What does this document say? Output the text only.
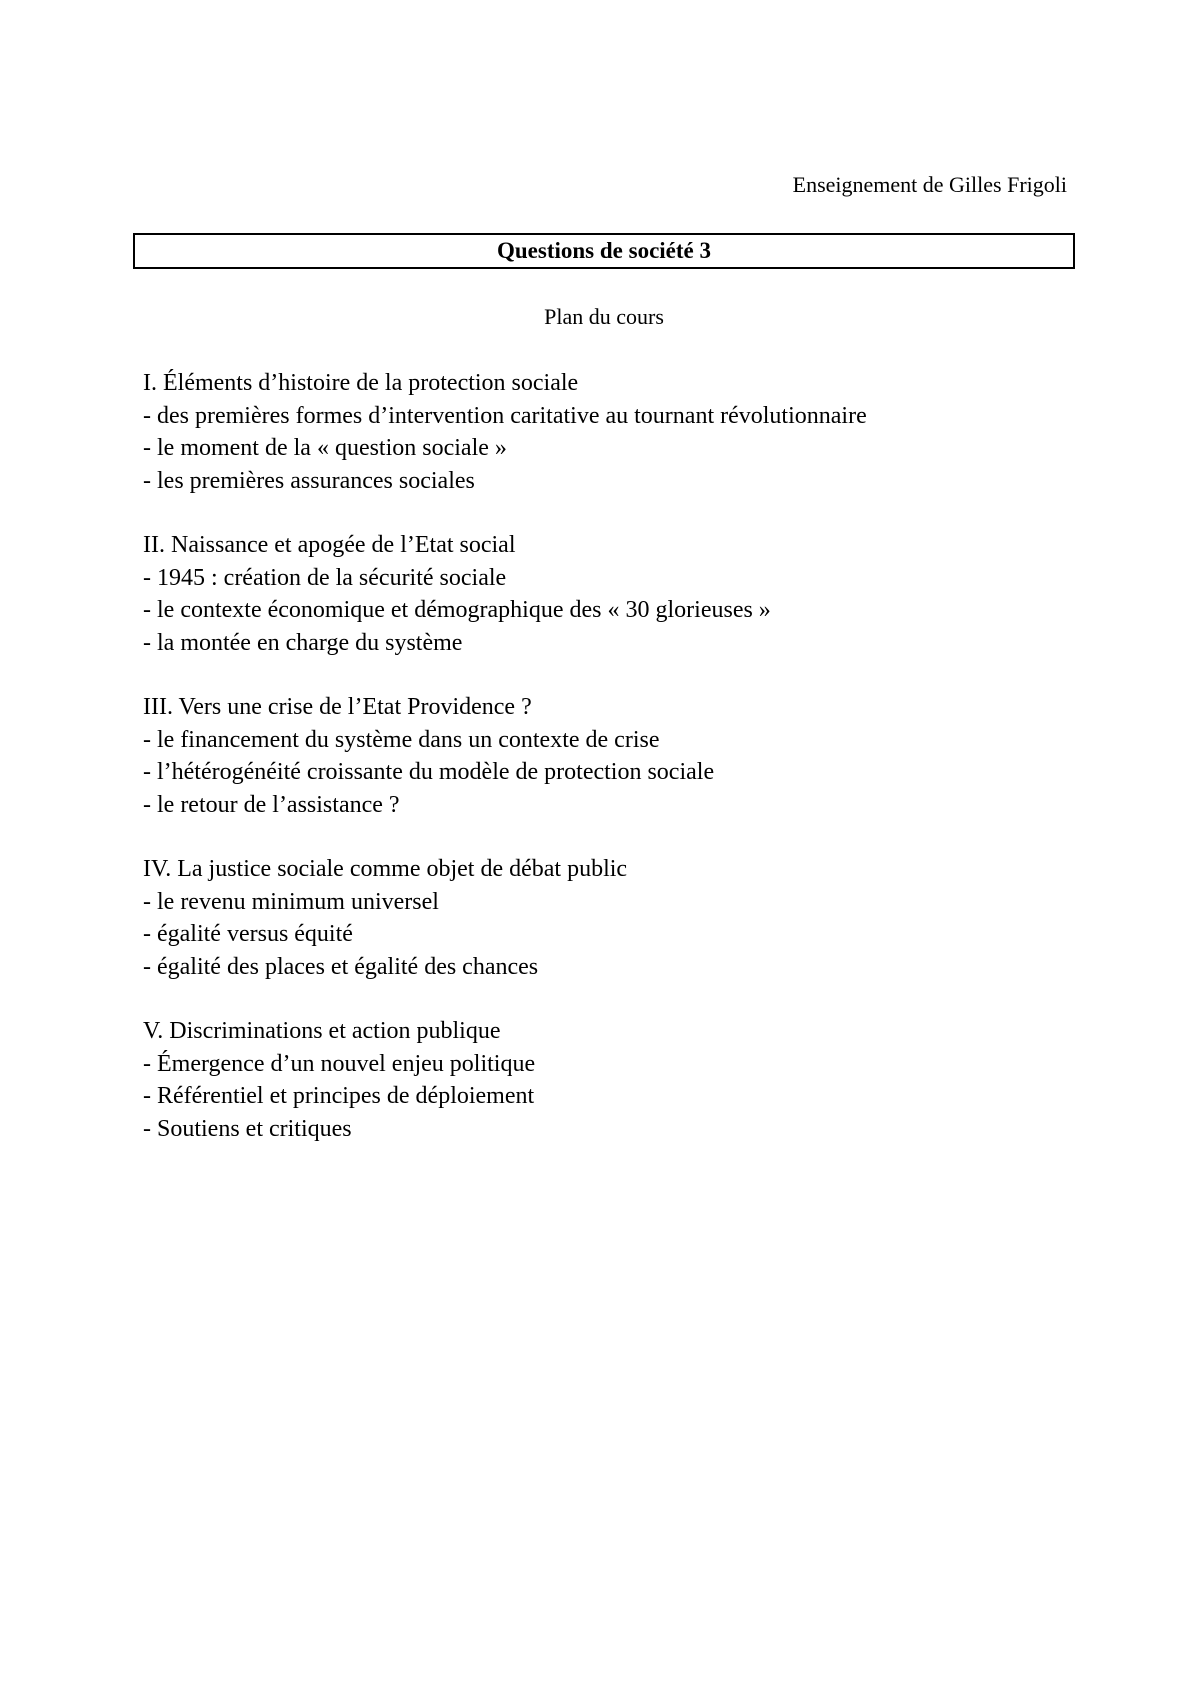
Enseignement de Gilles Frigoli

Questions de société 3

Plan du cours

I. Éléments d’histoire de la protection sociale

- des premières formes d’intervention caritative au tournant révolutionnaire

- le moment de la « question sociale »

- les premières assurances sociales

II. Naissance et apogée de l’Etat social

- 1945 : création de la sécurité sociale

- le contexte économique et démographique des « 30 glorieuses »

- la montée en charge du système

III. Vers une crise de l’Etat Providence ?

- le financement du système dans un contexte de crise

- l’hétérogénéité croissante du modèle de protection sociale

- le retour de l’assistance ?

IV. La justice sociale comme objet de débat public

- le revenu minimum universel

- égalité versus équité

- égalité des places et égalité des chances

V. Discriminations et action publique

- Émergence d’un nouvel enjeu politique

- Référentiel et principes de déploiement

- Soutiens et critiques
